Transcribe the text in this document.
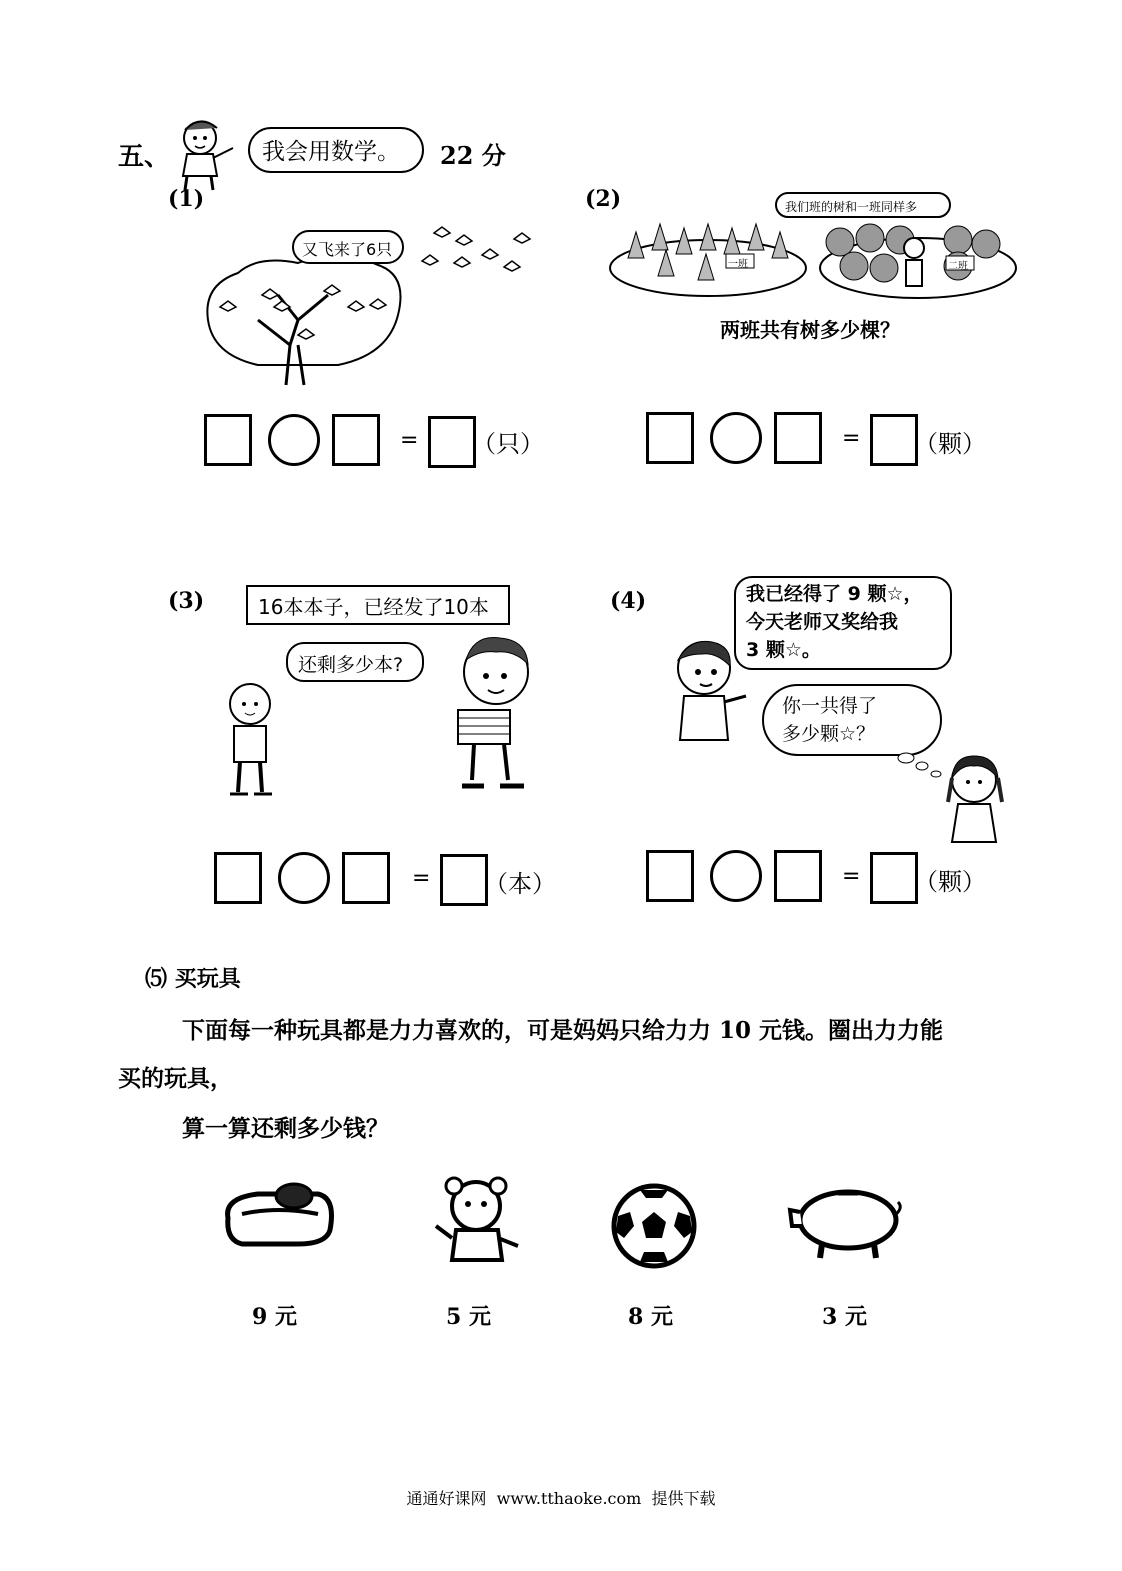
五、	我会用数学。	22 分
(1)
又飞来了6只
= （只）
(2)
一班	二班
我们班的树和一班同样多
两班共有树多少棵？
= （颗）
(3)	16本本子，已经发了10本
还剩多少本?
= （本）
(4)	我已经得了 9 颗☆，
今天老师又奖给我
3 颗☆。
你一共得了
多少颗☆？
= （颗）
⑸ 买玩具
下面每一种玩具都是力力喜欢的，可是妈妈只给力力 10 元钱。圈出力力能
买的玩具，
算一算还剩多少钱？
9 元	5 元	8 元	3 元
通通好课网  www.tthaoke.com  提供下载
